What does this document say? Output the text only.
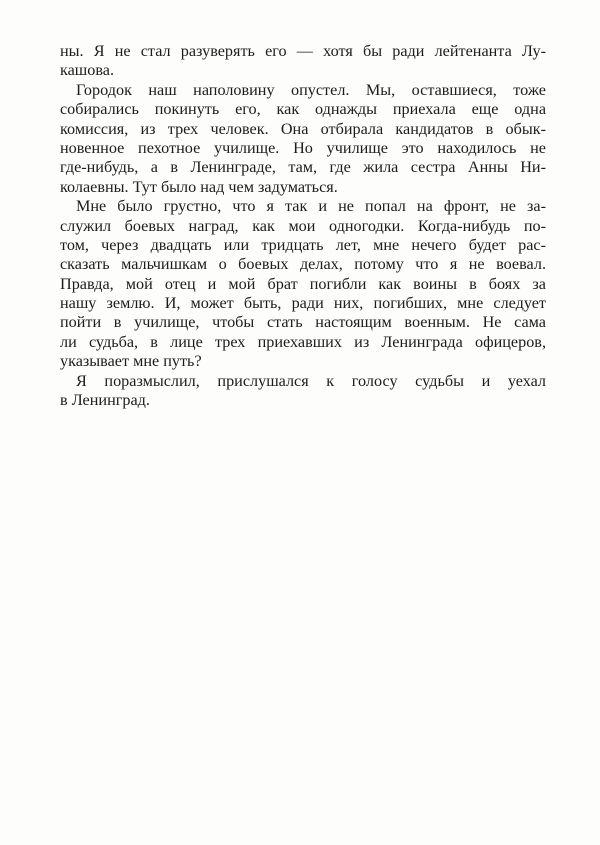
ны. Я не стал разуверять его — хотя бы ради лейтенанта Лу-
кашова.
Городок наш наполовину опустел. Мы, оставшиеся, тоже
собирались покинуть его, как однажды приехала еще одна
комиссия, из трех человек. Она отбирала кандидатов в обык-
новенное пехотное училище. Но училище это находилось не
где-нибудь, а в Ленинграде, там, где жила сестра Анны Ни-
колаевны. Тут было над чем задуматься.
Мне было грустно, что я так и не попал на фронт, не за-
служил боевых наград, как мои одногодки. Когда-нибудь по-
том, через двадцать или тридцать лет, мне нечего будет рас-
сказать мальчишкам о боевых делах, потому что я не воевал.
Правда, мой отец и мой брат погибли как воины в боях за
нашу землю. И, может быть, ради них, погибших, мне следует
пойти в училище, чтобы стать настоящим военным. Не сама
ли судьба, в лице трех приехавших из Ленинграда офицеров,
указывает мне путь?
Я поразмыслил, прислушался к голосу судьбы и уехал
в Ленинград.
